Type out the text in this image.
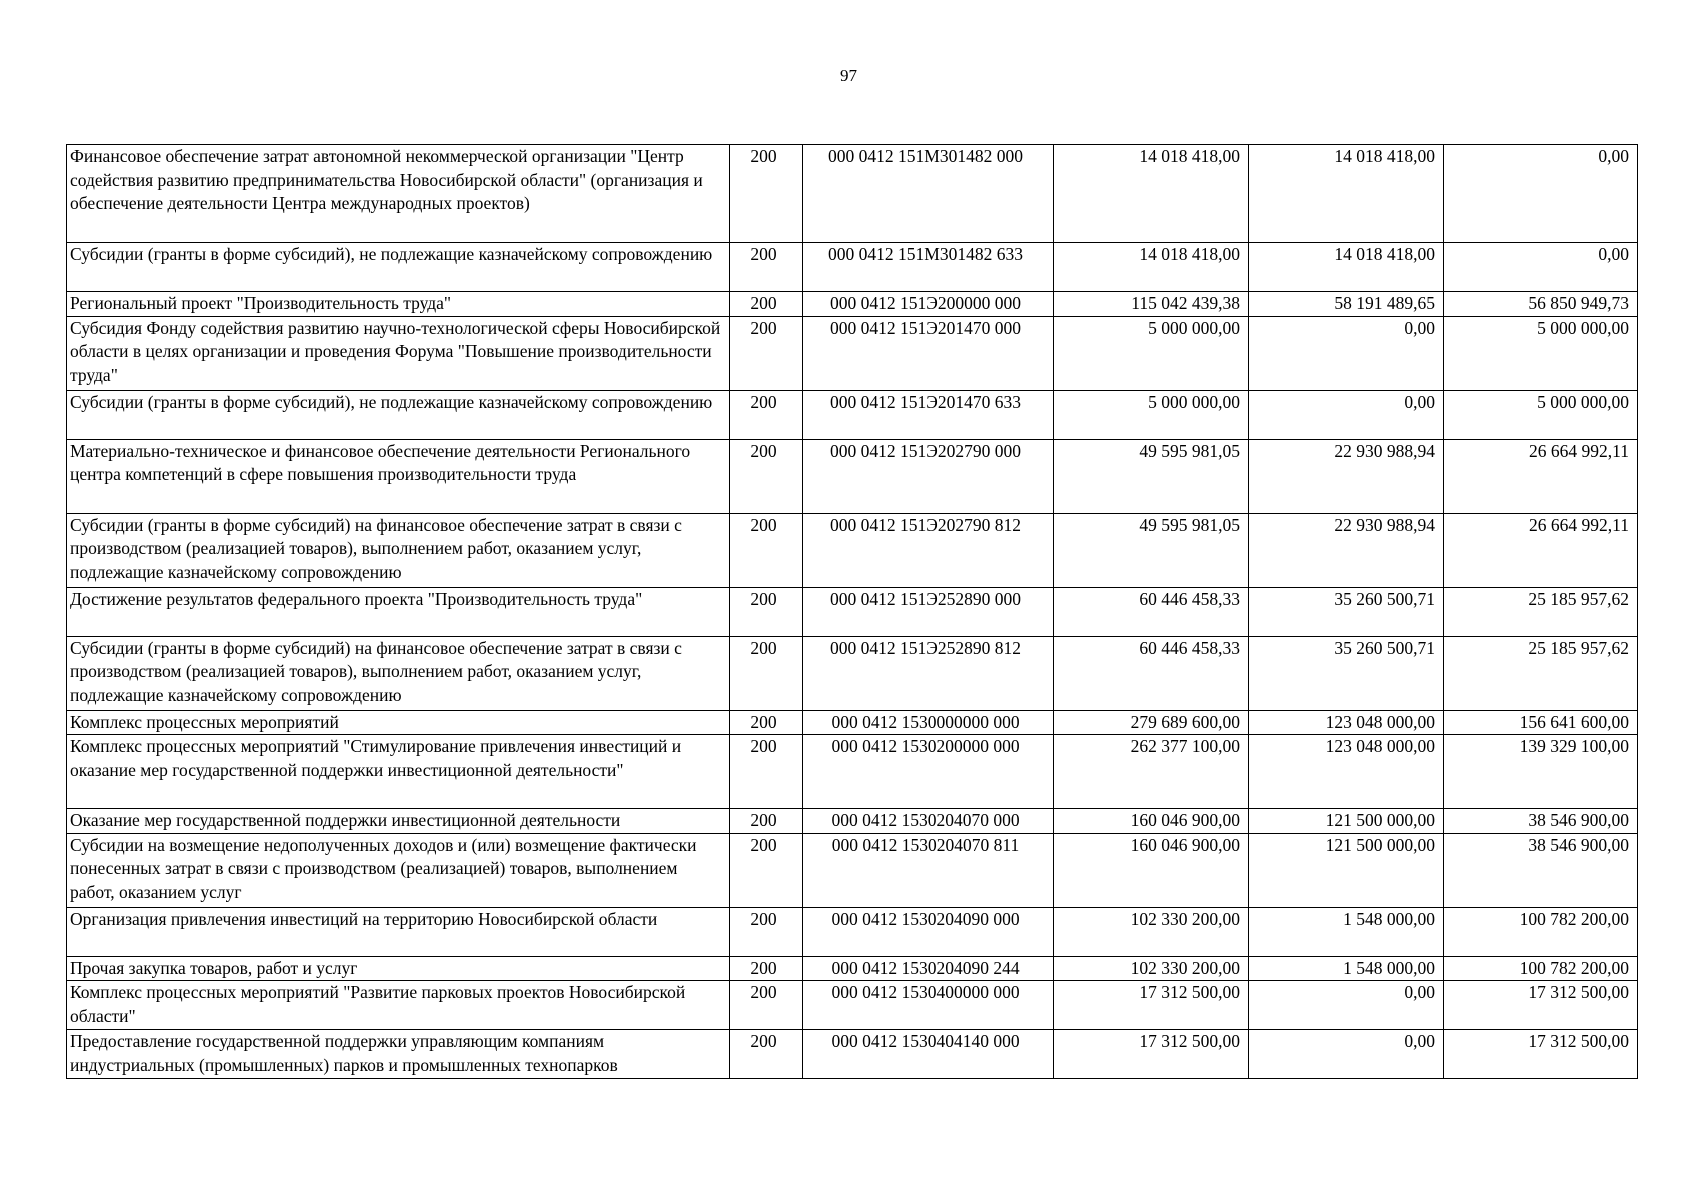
97
Финансовое обеспечение затрат автономной некоммерческой организации "Центр содействия развитию предпринимательства Новосибирской области" (организация и обеспечение деятельности Центра международных проектов)	200	000 0412 151М301482 000	14 018 418,00	14 018 418,00	0,00
Субсидии (гранты в форме субсидий), не подлежащие казначейскому сопровождению	200	000 0412 151М301482 633	14 018 418,00	14 018 418,00	0,00
Региональный проект "Производительность труда"	200	000 0412 151Э200000 000	115 042 439,38	58 191 489,65	56 850 949,73
Субсидия Фонду содействия развитию научно-технологической сферы Новосибирской области в целях организации и проведения Форума "Повышение производительности труда"	200	000 0412 151Э201470 000	5 000 000,00	0,00	5 000 000,00
Субсидии (гранты в форме субсидий), не подлежащие казначейскому сопровождению	200	000 0412 151Э201470 633	5 000 000,00	0,00	5 000 000,00
Материально-техническое и финансовое обеспечение деятельности Регионального центра компетенций в сфере повышения производительности труда	200	000 0412 151Э202790 000	49 595 981,05	22 930 988,94	26 664 992,11
Субсидии (гранты в форме субсидий) на финансовое обеспечение затрат в связи с производством (реализацией товаров), выполнением работ, оказанием услуг, подлежащие казначейскому сопровождению	200	000 0412 151Э202790 812	49 595 981,05	22 930 988,94	26 664 992,11
Достижение результатов федерального проекта "Производительность труда"	200	000 0412 151Э252890 000	60 446 458,33	35 260 500,71	25 185 957,62
Субсидии (гранты в форме субсидий) на финансовое обеспечение затрат в связи с производством (реализацией товаров), выполнением работ, оказанием услуг, подлежащие казначейскому сопровождению	200	000 0412 151Э252890 812	60 446 458,33	35 260 500,71	25 185 957,62
Комплекс процессных мероприятий	200	000 0412 1530000000 000	279 689 600,00	123 048 000,00	156 641 600,00
Комплекс процессных мероприятий "Стимулирование привлечения инвестиций и оказание мер государственной поддержки инвестиционной деятельности"	200	000 0412 1530200000 000	262 377 100,00	123 048 000,00	139 329 100,00
Оказание мер государственной поддержки инвестиционной деятельности	200	000 0412 1530204070 000	160 046 900,00	121 500 000,00	38 546 900,00
Субсидии на возмещение недополученных доходов и (или) возмещение фактически понесенных затрат в связи с производством (реализацией) товаров, выполнением работ, оказанием услуг	200	000 0412 1530204070 811	160 046 900,00	121 500 000,00	38 546 900,00
Организация привлечения инвестиций на территорию Новосибирской области	200	000 0412 1530204090 000	102 330 200,00	1 548 000,00	100 782 200,00
Прочая закупка товаров, работ и услуг	200	000 0412 1530204090 244	102 330 200,00	1 548 000,00	100 782 200,00
Комплекс процессных мероприятий "Развитие парковых проектов Новосибирской области"	200	000 0412 1530400000 000	17 312 500,00	0,00	17 312 500,00
Предоставление государственной поддержки управляющим компаниям индустриальных (промышленных) парков и промышленных технопарков	200	000 0412 1530404140 000	17 312 500,00	0,00	17 312 500,00
